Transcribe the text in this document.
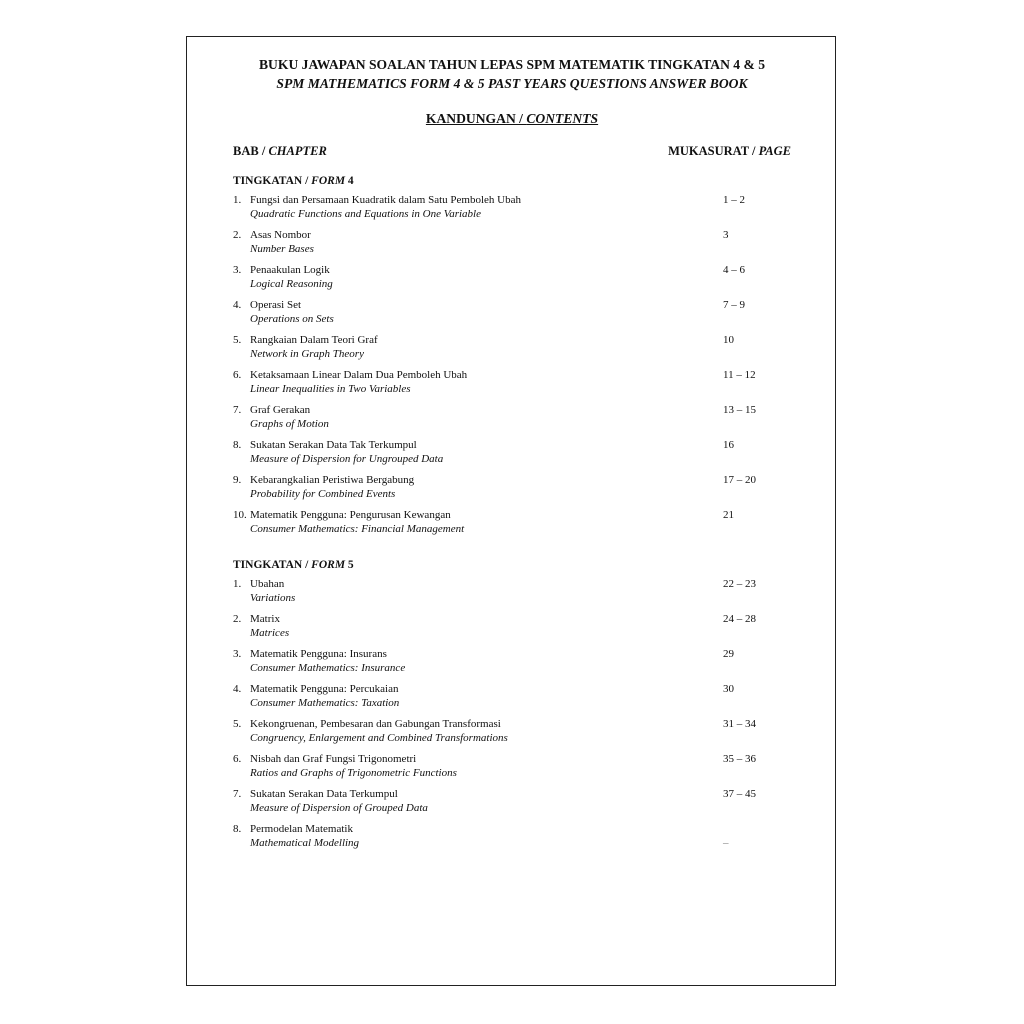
BUKU JAWAPAN SOALAN TAHUN LEPAS SPM MATEMATIK TINGKATAN 4 & 5
SPM MATHEMATICS FORM 4 & 5 PAST YEARS QUESTIONS ANSWER BOOK
KANDUNGAN / CONTENTS
BAB / CHAPTER	MUKASURAT / PAGE
TINGKATAN / FORM 4
1. Fungsi dan Persamaan Kuadratik dalam Satu Pemboleh Ubah
Quadratic Functions and Equations in One Variable
1 – 2
2. Asas Nombor
Number Bases
3
3. Penaakulan Logik
Logical Reasoning
4 – 6
4. Operasi Set
Operations on Sets
7 – 9
5. Rangkaian Dalam Teori Graf
Network in Graph Theory
10
6. Ketaksamaan Linear Dalam Dua Pemboleh Ubah
Linear Inequalities in Two Variables
11 – 12
7. Graf Gerakan
Graphs of Motion
13 – 15
8. Sukatan Serakan Data Tak Terkumpul
Measure of Dispersion for Ungrouped Data
16
9. Kebarangkalian Peristiwa Bergabung
Probability for Combined Events
17 – 20
10. Matematik Pengguna: Pengurusan Kewangan
Consumer Mathematics: Financial Management
21
TINGKATAN / FORM 5
1. Ubahan
Variations
22 – 23
2. Matrix
Matrices
24 – 28
3. Matematik Pengguna: Insurans
Consumer Mathematics: Insurance
29
4. Matematik Pengguna: Percukaian
Consumer Mathematics: Taxation
30
5. Kekongruenan, Pembesaran dan Gabungan Transformasi
Congruency, Enlargement and Combined Transformations
31 – 34
6. Nisbah dan Graf Fungsi Trigonometri
Ratios and Graphs of Trigonometric Functions
35 – 36
7. Sukatan Serakan Data Terkumpul
Measure of Dispersion of Grouped Data
37 – 45
8. Permodelan Matematik
Mathematical Modelling	–
